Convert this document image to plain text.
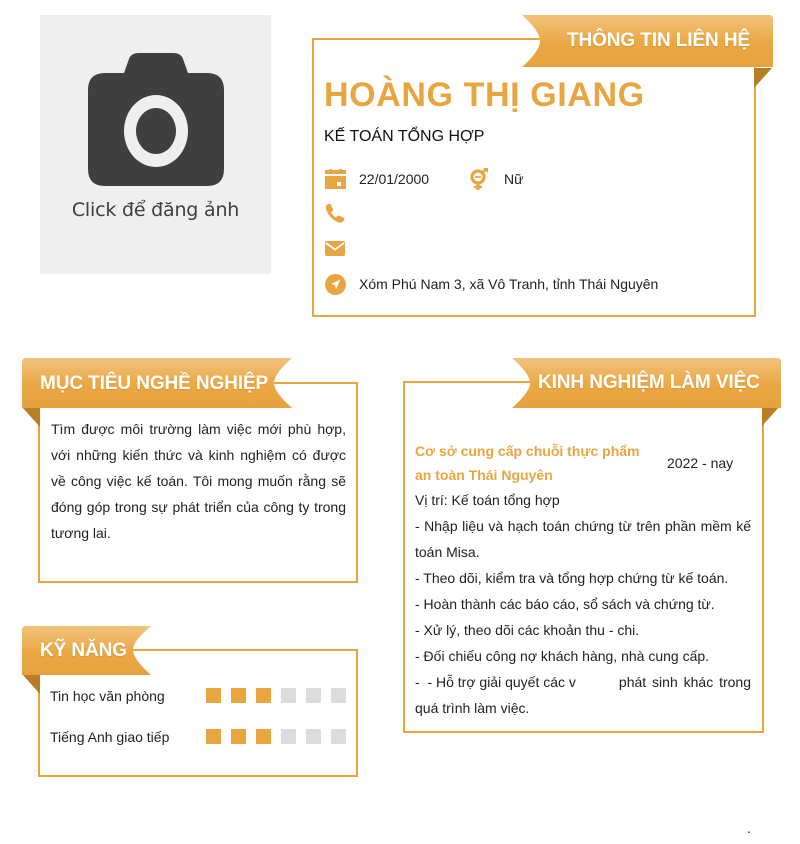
Click để đăng ảnh
THÔNG TIN LIÊN HỆ
HOÀNG THỊ GIANG
KẾ TOÁN TỔNG HỢP
22/01/2000	Nữ
Xóm Phú Nam 3, xã Vô Tranh, tỉnh Thái Nguyên
MỤC TIÊU NGHỀ NGHIỆP
Tìm được môi trường làm việc mới phù hợp, với những kiến thức và kinh nghiệm có được về công việc kế toán. Tôi mong muốn rằng sẽ đóng góp trong sự phát triển của công ty trong tương lai.
KỸ NĂNG
Tin học văn phòng
Tiếng Anh giao tiếp
KINH NGHIỆM LÀM VIỆC
Cơ sở cung cấp chuỗi thực phẩm
an toàn Thái Nguyên
2022 - nay
Vị trí: Kế toán tổng hợp
- Nhập liệu và hạch toán chứng từ trên phần mềm kế toán Misa.
- Theo dõi, kiểm tra và tổng hợp chứng từ kế toán.
- Hoàn thành các báo cáo, sổ sách và chứng từ.
- Xử lý, theo dõi các khoản thu - chi.
- Đối chiếu công nợ khách hàng, nhà cung cấp.
-  - Hỗ trợ giải quyết các v	phát sinh khác trong
quá trình làm việc.
.
